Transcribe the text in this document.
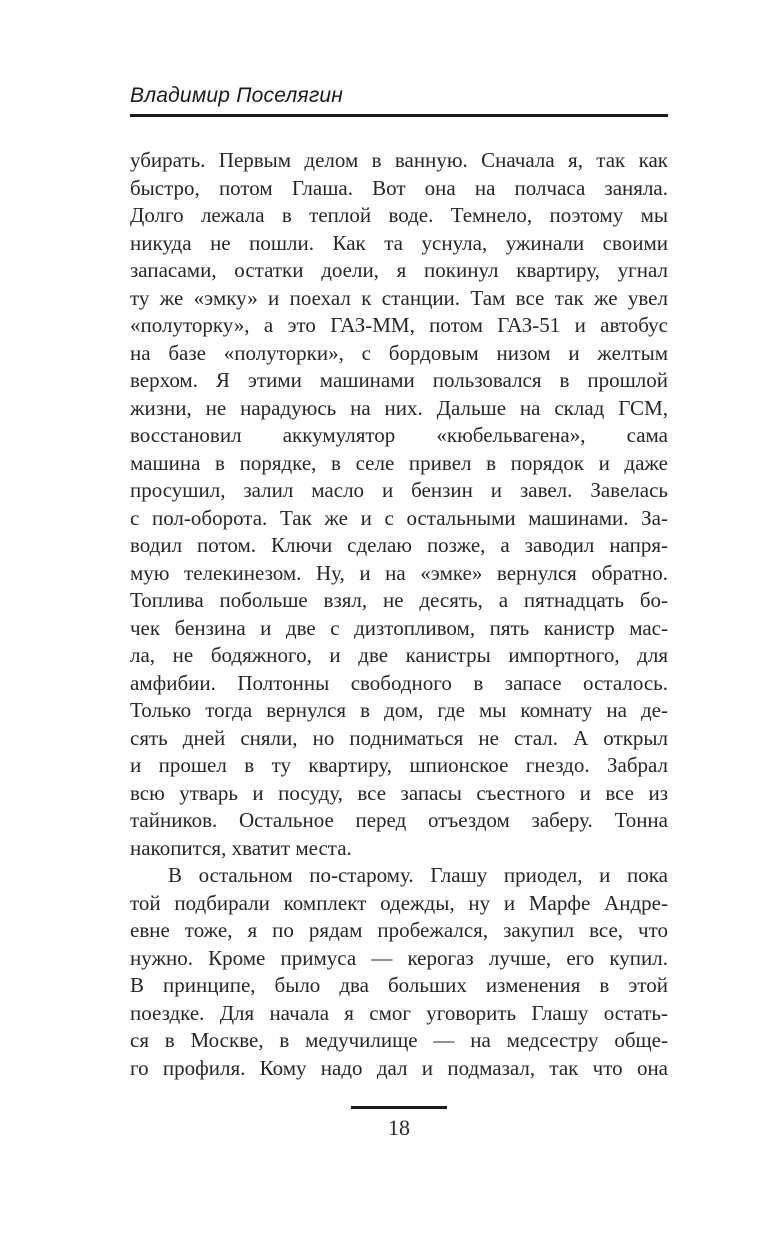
Владимир Поселягин
убирать. Первым делом в ванную. Сначала я, так как
быстро, потом Глаша. Вот она на полчаса заняла.
Долго лежала в теплой воде. Темнело, поэтому мы
никуда не пошли. Как та уснула, ужинали своими
запасами, остатки доели, я покинул квартиру, угнал
ту же «эмку» и поехал к станции. Там все так же увел
«полуторку», а это ГАЗ-ММ, потом ГАЗ-51 и автобус
на базе «полуторки», с бордовым низом и желтым
верхом. Я этими машинами пользовался в прошлой
жизни, не нарадуюсь на них. Дальше на склад ГСМ,
восстановил аккумулятор «кюбельвагена», сама
машина в порядке, в селе привел в порядок и даже
просушил, залил масло и бензин и завел. Завелась
с пол-оборота. Так же и с остальными машинами. За-
водил потом. Ключи сделаю позже, а заводил напря-
мую телекинезом. Ну, и на «эмке» вернулся обратно.
Топлива побольше взял, не десять, а пятнадцать бо-
чек бензина и две с дизтопливом, пять канистр мас-
ла, не бодяжного, и две канистры импортного, для
амфибии. Полтонны свободного в запасе осталось.
Только тогда вернулся в дом, где мы комнату на де-
сять дней сняли, но подниматься не стал. А открыл
и прошел в ту квартиру, шпионское гнездо. Забрал
всю утварь и посуду, все запасы съестного и все из
тайников. Остальное перед отъездом заберу. Тонна
накопится, хватит места.
В остальном по-старому. Глашу приодел, и пока
той подбирали комплект одежды, ну и Марфе Андре-
евне тоже, я по рядам пробежался, закупил все, что
нужно. Кроме примуса — керогаз лучше, его купил.
В принципе, было два больших изменения в этой
поездке. Для начала я смог уговорить Глашу остать-
ся в Москве, в медучилище — на медсестру обще-
го профиля. Кому надо дал и подмазал, так что она
18
